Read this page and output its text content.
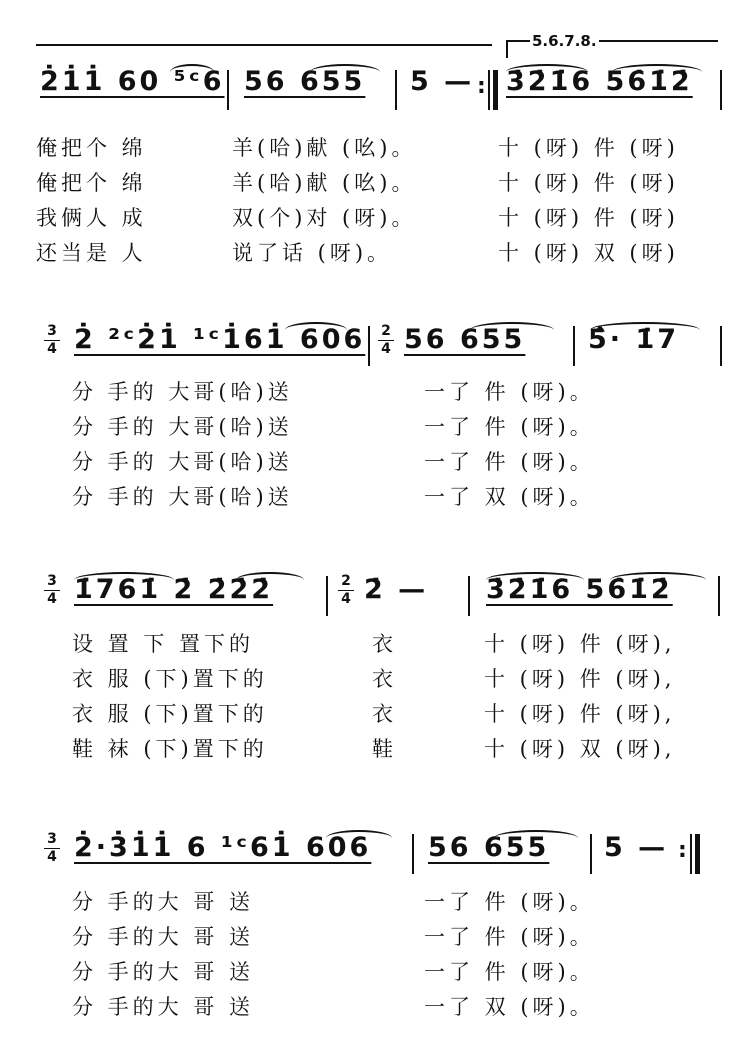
5.6.7.8.
2̇1̇1̇ 60 ⁵ᶜ6 56 655 5 — : 3̇2̇1̇6 56̇1̇2̇
俺把个 绵	羊(哈)献 (吆)。	十 (呀) 件 (呀)
俺把个 绵	羊(哈)献 (吆)。	十 (呀) 件 (呀)
我俩人 成	双(个)对 (呀)。	十 (呀) 件 (呀)
还当是 人	说了话 (呀)。	十 (呀) 双 (呀)
3
4 2̇ ²ᶜ2̇1̇ ¹ᶜ1̇61̇ 606 2
4 56 655 5̂· 1̇7
分 手的 大哥(哈)送	一了 件 (呀)。
分 手的 大哥(哈)送	一了 件 (呀)。
分 手的 大哥(哈)送	一了 件 (呀)。
分 手的 大哥(哈)送	一了 双 (呀)。
3
4 1̇761̇ 2̇ 2̇2̇2̇	2
4 2̇ — 3̇2̇1̇6 56̇1̇2̇
设 置 下 置下的	衣	十 (呀) 件 (呀),
衣 服 (下)置下的	衣	十 (呀) 件 (呀),
衣 服 (下)置下的	衣	十 (呀) 件 (呀),
鞋 袜 (下)置下的	鞋	十 (呀) 双 (呀),
3
4 2̇·3̇1̇1̇ 6 ¹ᶜ61̇ 606 56 655 5 — :
分 手的大 哥 送	一了 件 (呀)。
分 手的大 哥 送	一了 件 (呀)。
分 手的大 哥 送	一了 件 (呀)。
分 手的大 哥 送	一了 双 (呀)。
